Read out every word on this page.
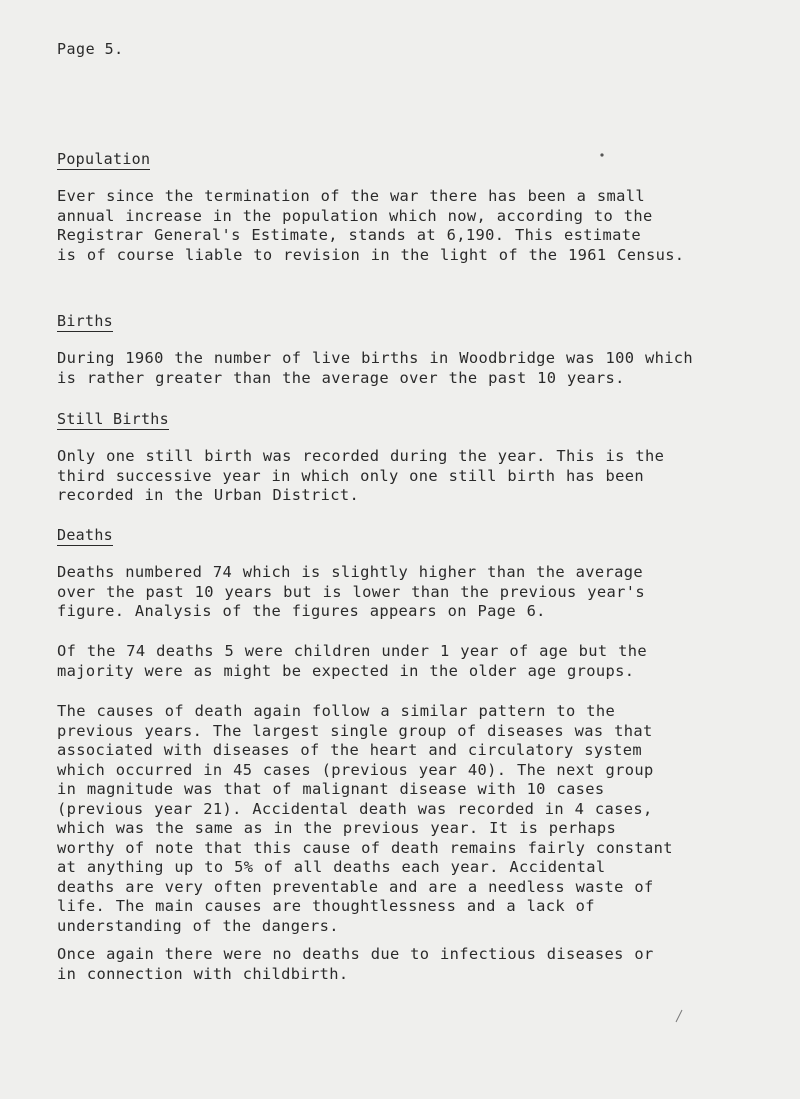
Page 5.
Population

Ever since the termination of the war there has been a small
annual increase in the population which now, according to the
Registrar General's Estimate, stands at 6,190. This estimate
is of course liable to revision in the light of the 1961 Census.

Births

During 1960 the number of live births in Woodbridge was 100 which
is rather greater than the average over the past 10 years.

Still Births

Only one still birth was recorded during the year. This is the
third successive year in which only one still birth has been
recorded in the Urban District.

Deaths

Deaths numbered 74 which is slightly higher than the average
over the past 10 years but is lower than the previous year's
figure. Analysis of the figures appears on Page 6.

Of the 74 deaths 5 were children under 1 year of age but the
majority were as might be expected in the older age groups.

The causes of death again follow a similar pattern to the
previous years. The largest single group of diseases was that
associated with diseases of the heart and circulatory system
which occurred in 45 cases (previous year 40). The next group
in magnitude was that of malignant disease with 10 cases
(previous year 21). Accidental death was recorded in 4 cases,
which was the same as in the previous year. It is perhaps
worthy of note that this cause of death remains fairly constant
at anything up to 5% of all deaths each year. Accidental
deaths are very often preventable and are a needless waste of
life. The main causes are thoughtlessness and a lack of
understanding of the dangers.

Once again there were no deaths due to infectious diseases or
in connection with childbirth.
